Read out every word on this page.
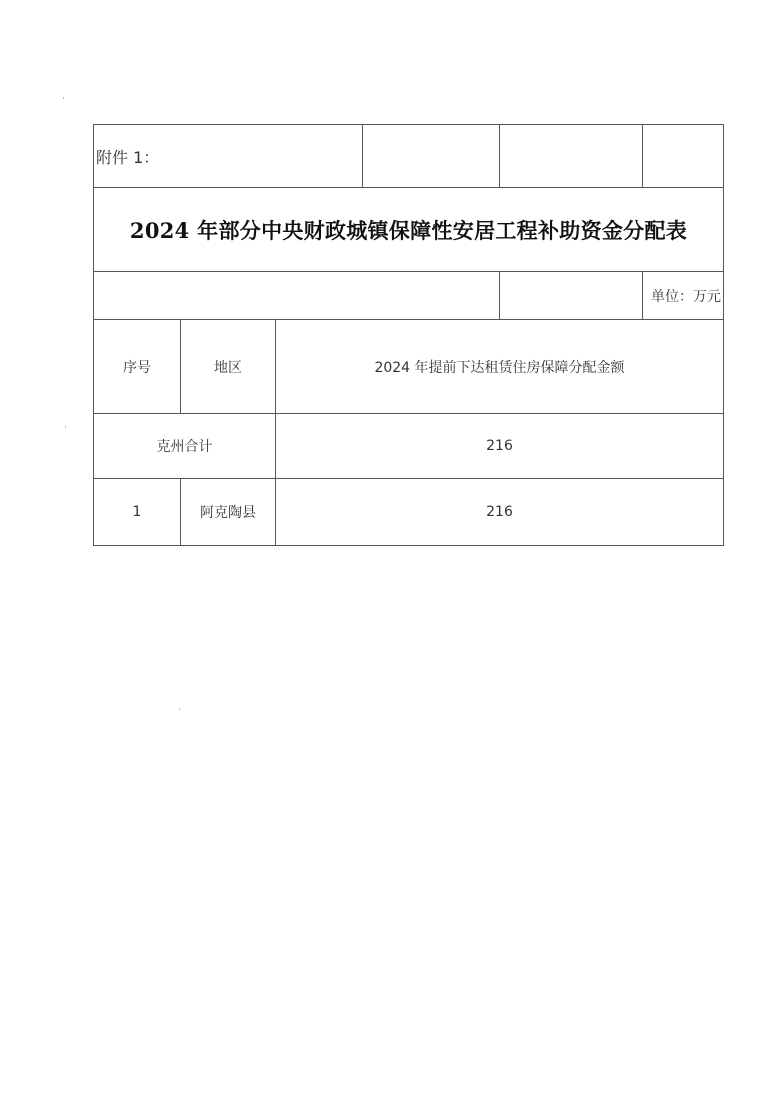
附件 1：					
2024 年部分中央财政城镇保障性安居工程补助资金分配表					
					单位：万元
序号	地区	2024 年提前下达租赁住房保障分配金额			
克州合计		216			
1	阿克陶县	216			
